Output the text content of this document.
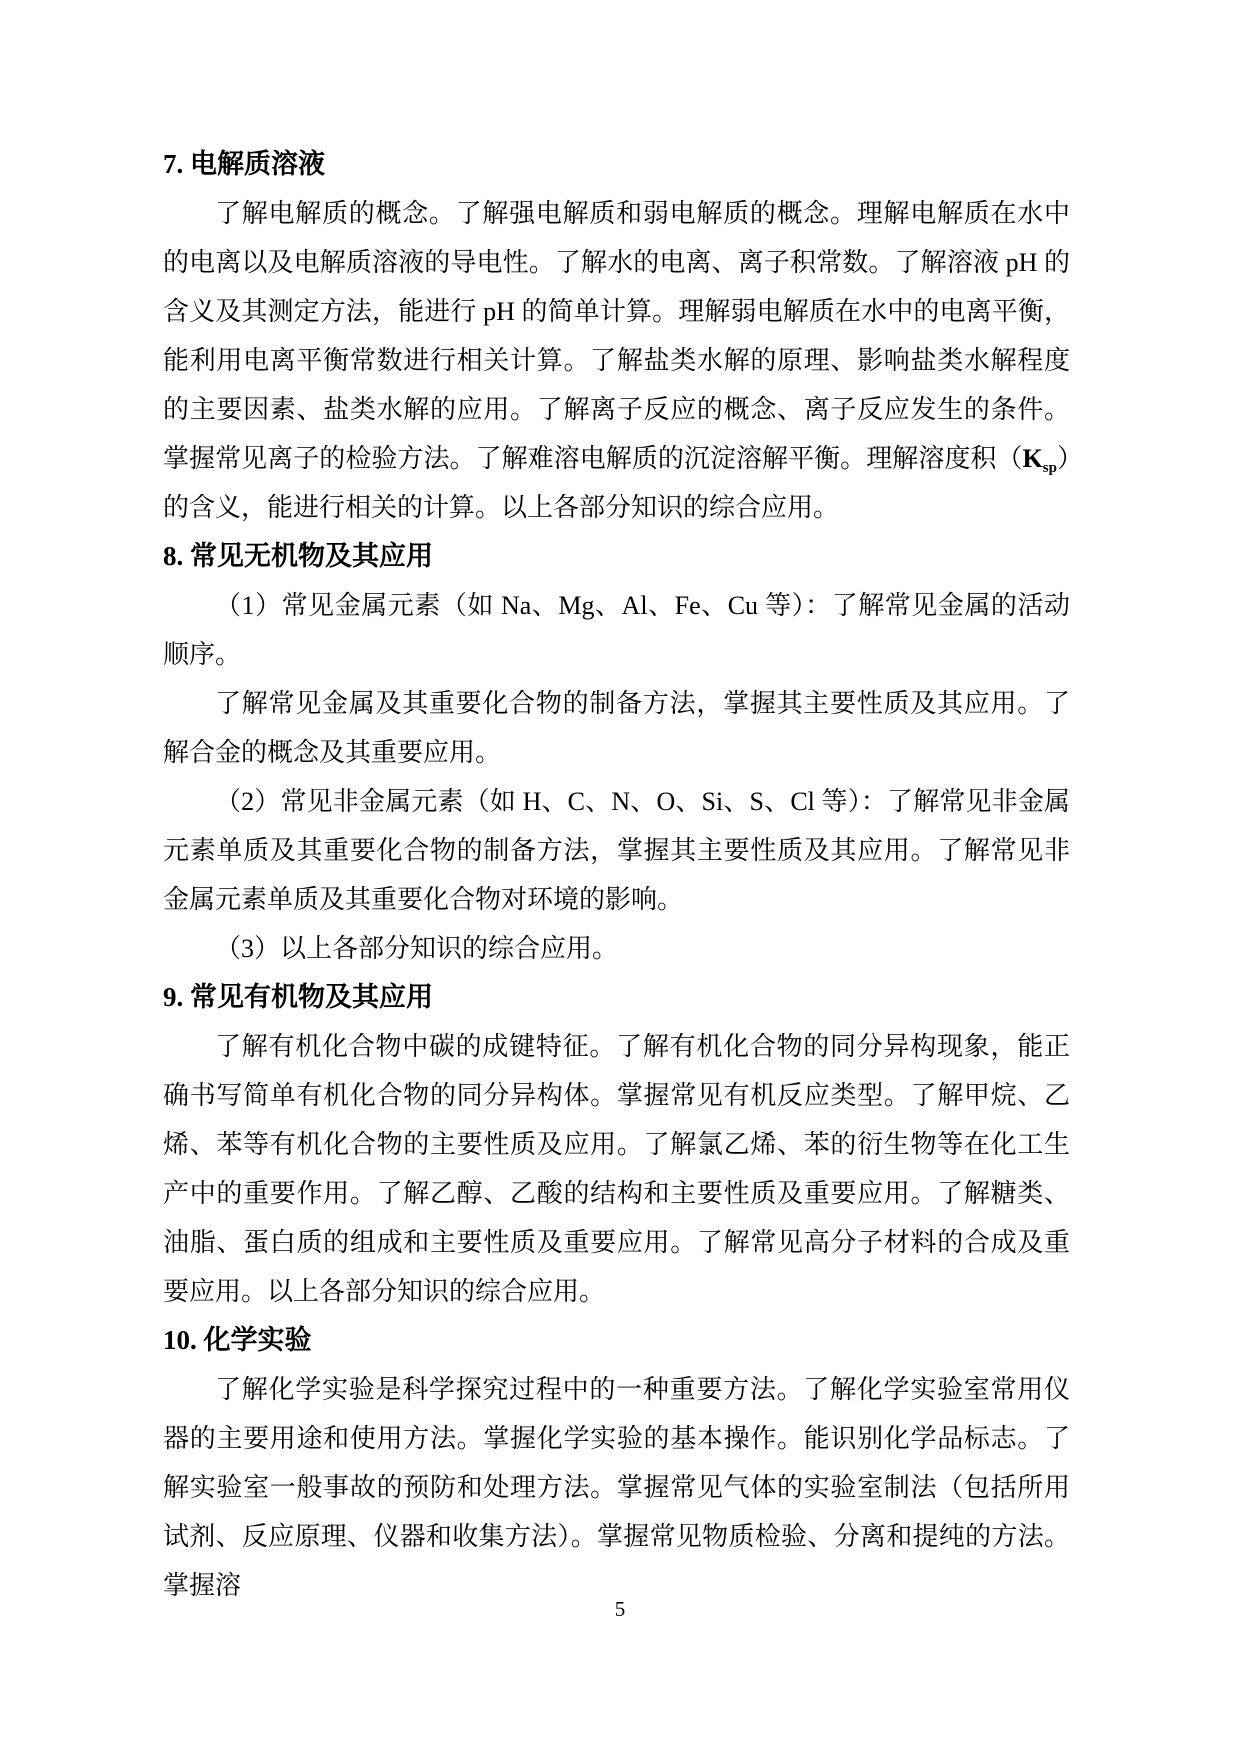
7. 电解质溶液

了解电解质的概念。了解强电解质和弱电解质的概念。理解电解质在水中的电离以及电解质溶液的导电性。了解水的电离、离子积常数。了解溶液 pH 的含义及其测定方法，能进行 pH 的简单计算。理解弱电解质在水中的电离平衡，能利用电离平衡常数进行相关计算。了解盐类水解的原理、影响盐类水解程度的主要因素、盐类水解的应用。了解离子反应的概念、离子反应发生的条件。掌握常见离子的检验方法。了解难溶电解质的沉淀溶解平衡。理解溶度积$(K_{sp})$的含义，能进行相关的计算。以上各部分知识的综合应用。

8. 常见无机物及其应用

（1）常见金属元素（如 Na、Mg、Al、Fe、Cu 等）：了解常见金属的活动顺序。

了解常见金属及其重要化合物的制备方法，掌握其主要性质及其应用。了解合金的概念及其重要应用。

（2）常见非金属元素（如 H、C、N、O、Si、S、Cl 等）：了解常见非金属元素单质及其重要化合物的制备方法，掌握其主要性质及其应用。了解常见非金属元素单质及其重要化合物对环境的影响。

（3）以上各部分知识的综合应用。

9. 常见有机物及其应用

了解有机化合物中碳的成键特征。了解有机化合物的同分异构现象，能正确书写简单有机化合物的同分异构体。掌握常见有机反应类型。了解甲烷、乙烯、苯等有机化合物的主要性质及应用。了解氯乙烯、苯的衍生物等在化工生产中的重要作用。了解乙醇、乙酸的结构和主要性质及重要应用。了解糖类、油脂、蛋白质的组成和主要性质及重要应用。了解常见高分子材料的合成及重要应用。以上各部分知识的综合应用。

10. 化学实验

了解化学实验是科学探究过程中的一种重要方法。了解化学实验室常用仪器的主要用途和使用方法。掌握化学实验的基本操作。能识别化学品标志。了解实验室一般事故的预防和处理方法。掌握常见气体的实验室制法（包括所用试剂、反应原理、仪器和收集方法）。掌握常见物质检验、分离和提纯的方法。掌握溶

5
